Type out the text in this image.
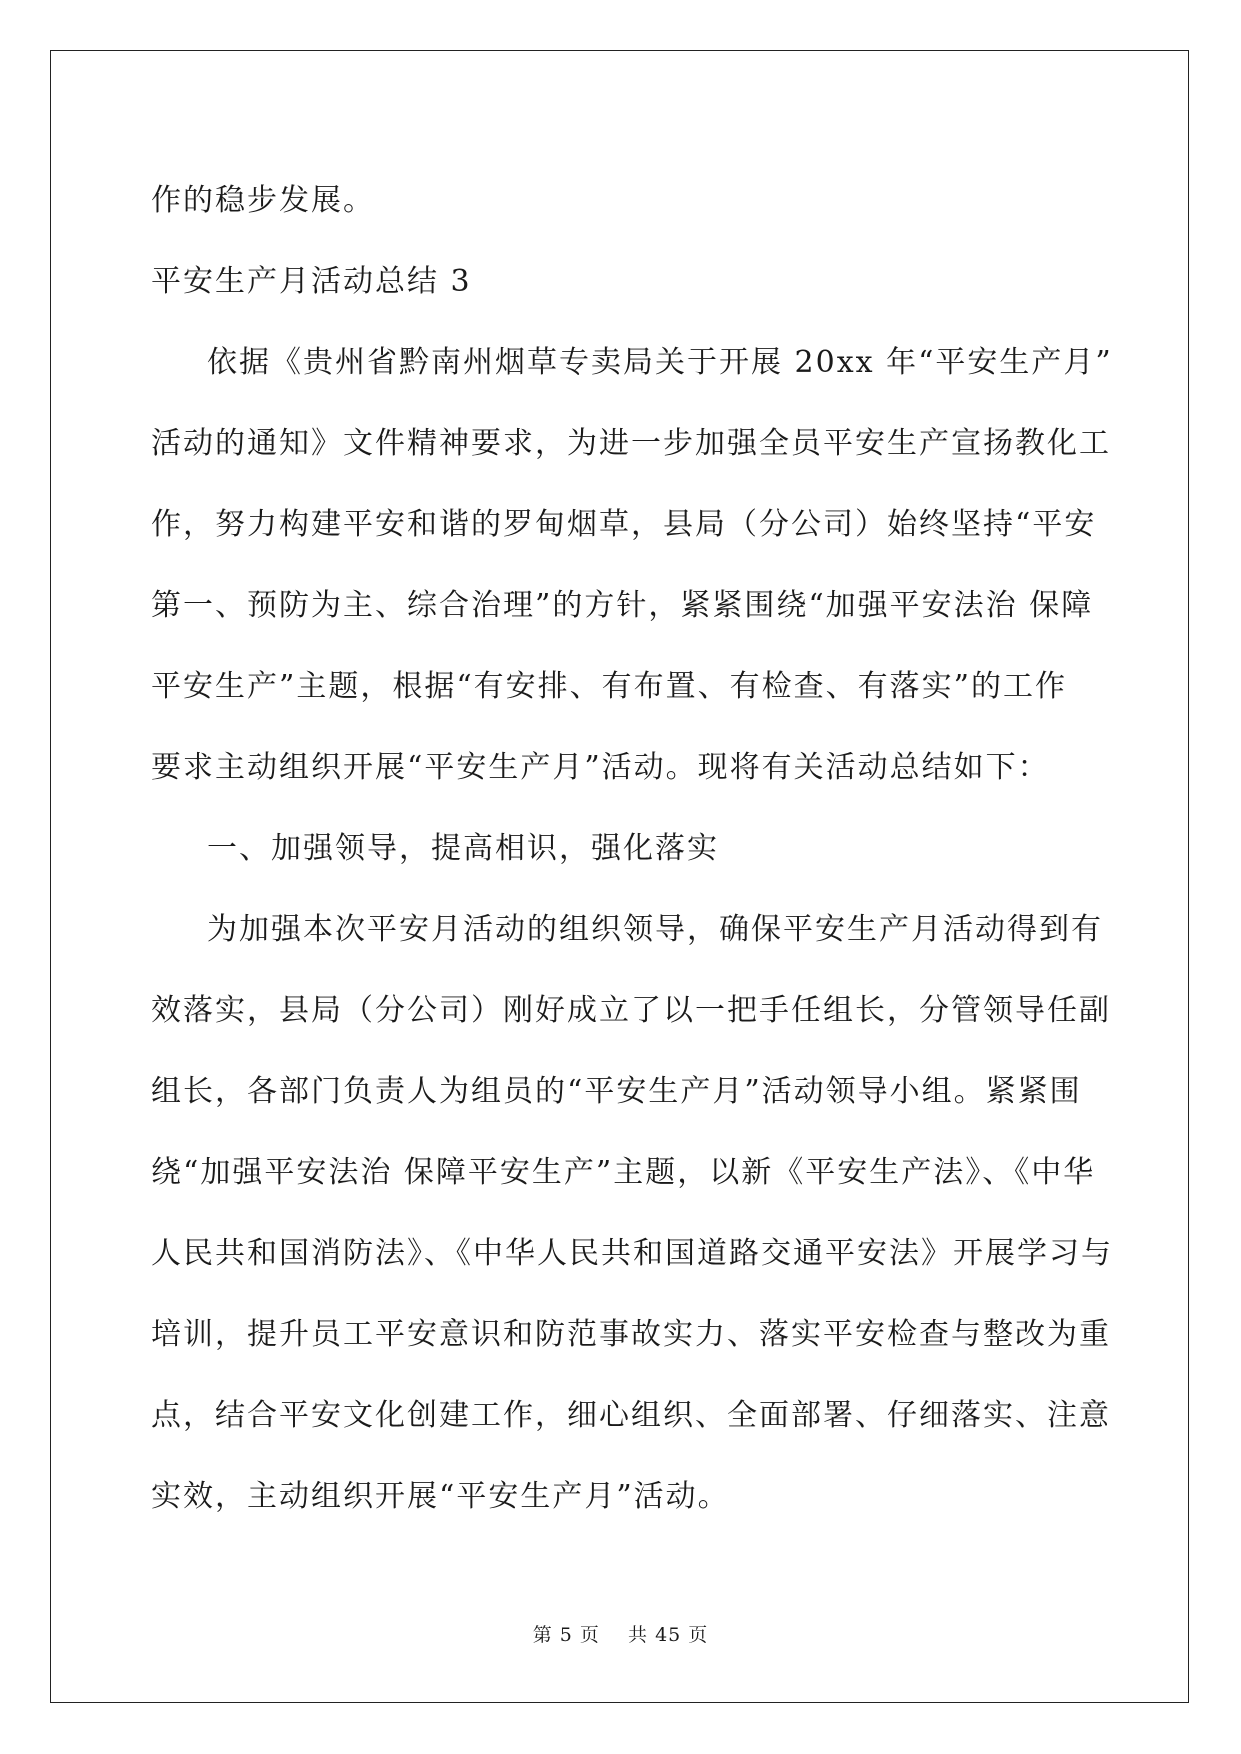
作的稳步发展。
平安生产月活动总结 3
依据《贵州省黔南州烟草专卖局关于开展 20xx 年“平安生产月”
活动的通知》文件精神要求，为进一步加强全员平安生产宣扬教化工
作，努力构建平安和谐的罗甸烟草，县局（分公司）始终坚持“平安
第一、预防为主、综合治理”的方针，紧紧围绕“加强平安法治 保障
平安生产”主题，根据“有安排、有布置、有检查、有落实”的工作
要求主动组织开展“平安生产月”活动。现将有关活动总结如下：
一、加强领导，提高相识，强化落实
为加强本次平安月活动的组织领导，确保平安生产月活动得到有
效落实，县局（分公司）刚好成立了以一把手任组长，分管领导任副
组长，各部门负责人为组员的“平安生产月”活动领导小组。紧紧围
绕“加强平安法治 保障平安生产”主题，以新《平安生产法》、《中华
人民共和国消防法》、《中华人民共和国道路交通平安法》开展学习与
培训，提升员工平安意识和防范事故实力、落实平安检查与整改为重
点，结合平安文化创建工作，细心组织、全面部署、仔细落实、注意
实效，主动组织开展“平安生产月”活动。
第 5 页 共 45 页
